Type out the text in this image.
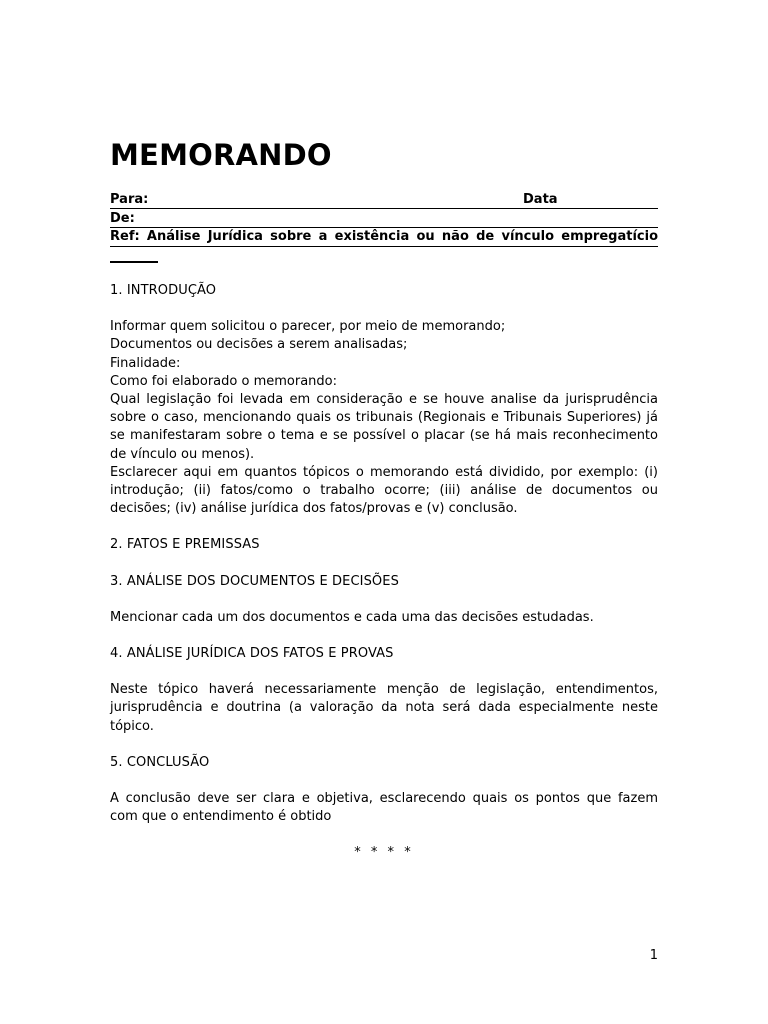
MEMORANDO
Para:	Data
De:
Ref: Análise Jurídica sobre a existência ou não de vínculo empregatício
1. INTRODUÇÃO
Informar quem solicitou o parecer, por meio de memorando;
Documentos ou decisões a serem analisadas;
Finalidade:
Como foi elaborado o memorando:

Qual legislação foi levada em consideração e se houve analise da jurisprudência sobre o caso, mencionando quais os tribunais (Regionais e Tribunais Superiores) já se manifestaram sobre o tema e se possível o placar (se há mais reconhecimento de vínculo ou menos).

Esclarecer aqui em quantos tópicos o memorando está dividido, por exemplo: (i) introdução; (ii) fatos/como o trabalho ocorre; (iii) análise de documentos ou decisões; (iv) análise jurídica dos fatos/provas e (v) conclusão.

2. FATOS E PREMISSAS
3. ANÁLISE DOS DOCUMENTOS E DECISÕES

Mencionar cada um dos documentos e cada uma das decisões estudadas.

4. ANÁLISE JURÍDICA DOS FATOS E PROVAS

Neste tópico haverá necessariamente menção de legislação, entendimentos, jurisprudência e doutrina (a valoração da nota será dada especialmente neste tópico.

5. CONCLUSÃO

A conclusão deve ser clara e objetiva, esclarecendo quais os pontos que fazem com que o entendimento é obtido

* * * *
1
